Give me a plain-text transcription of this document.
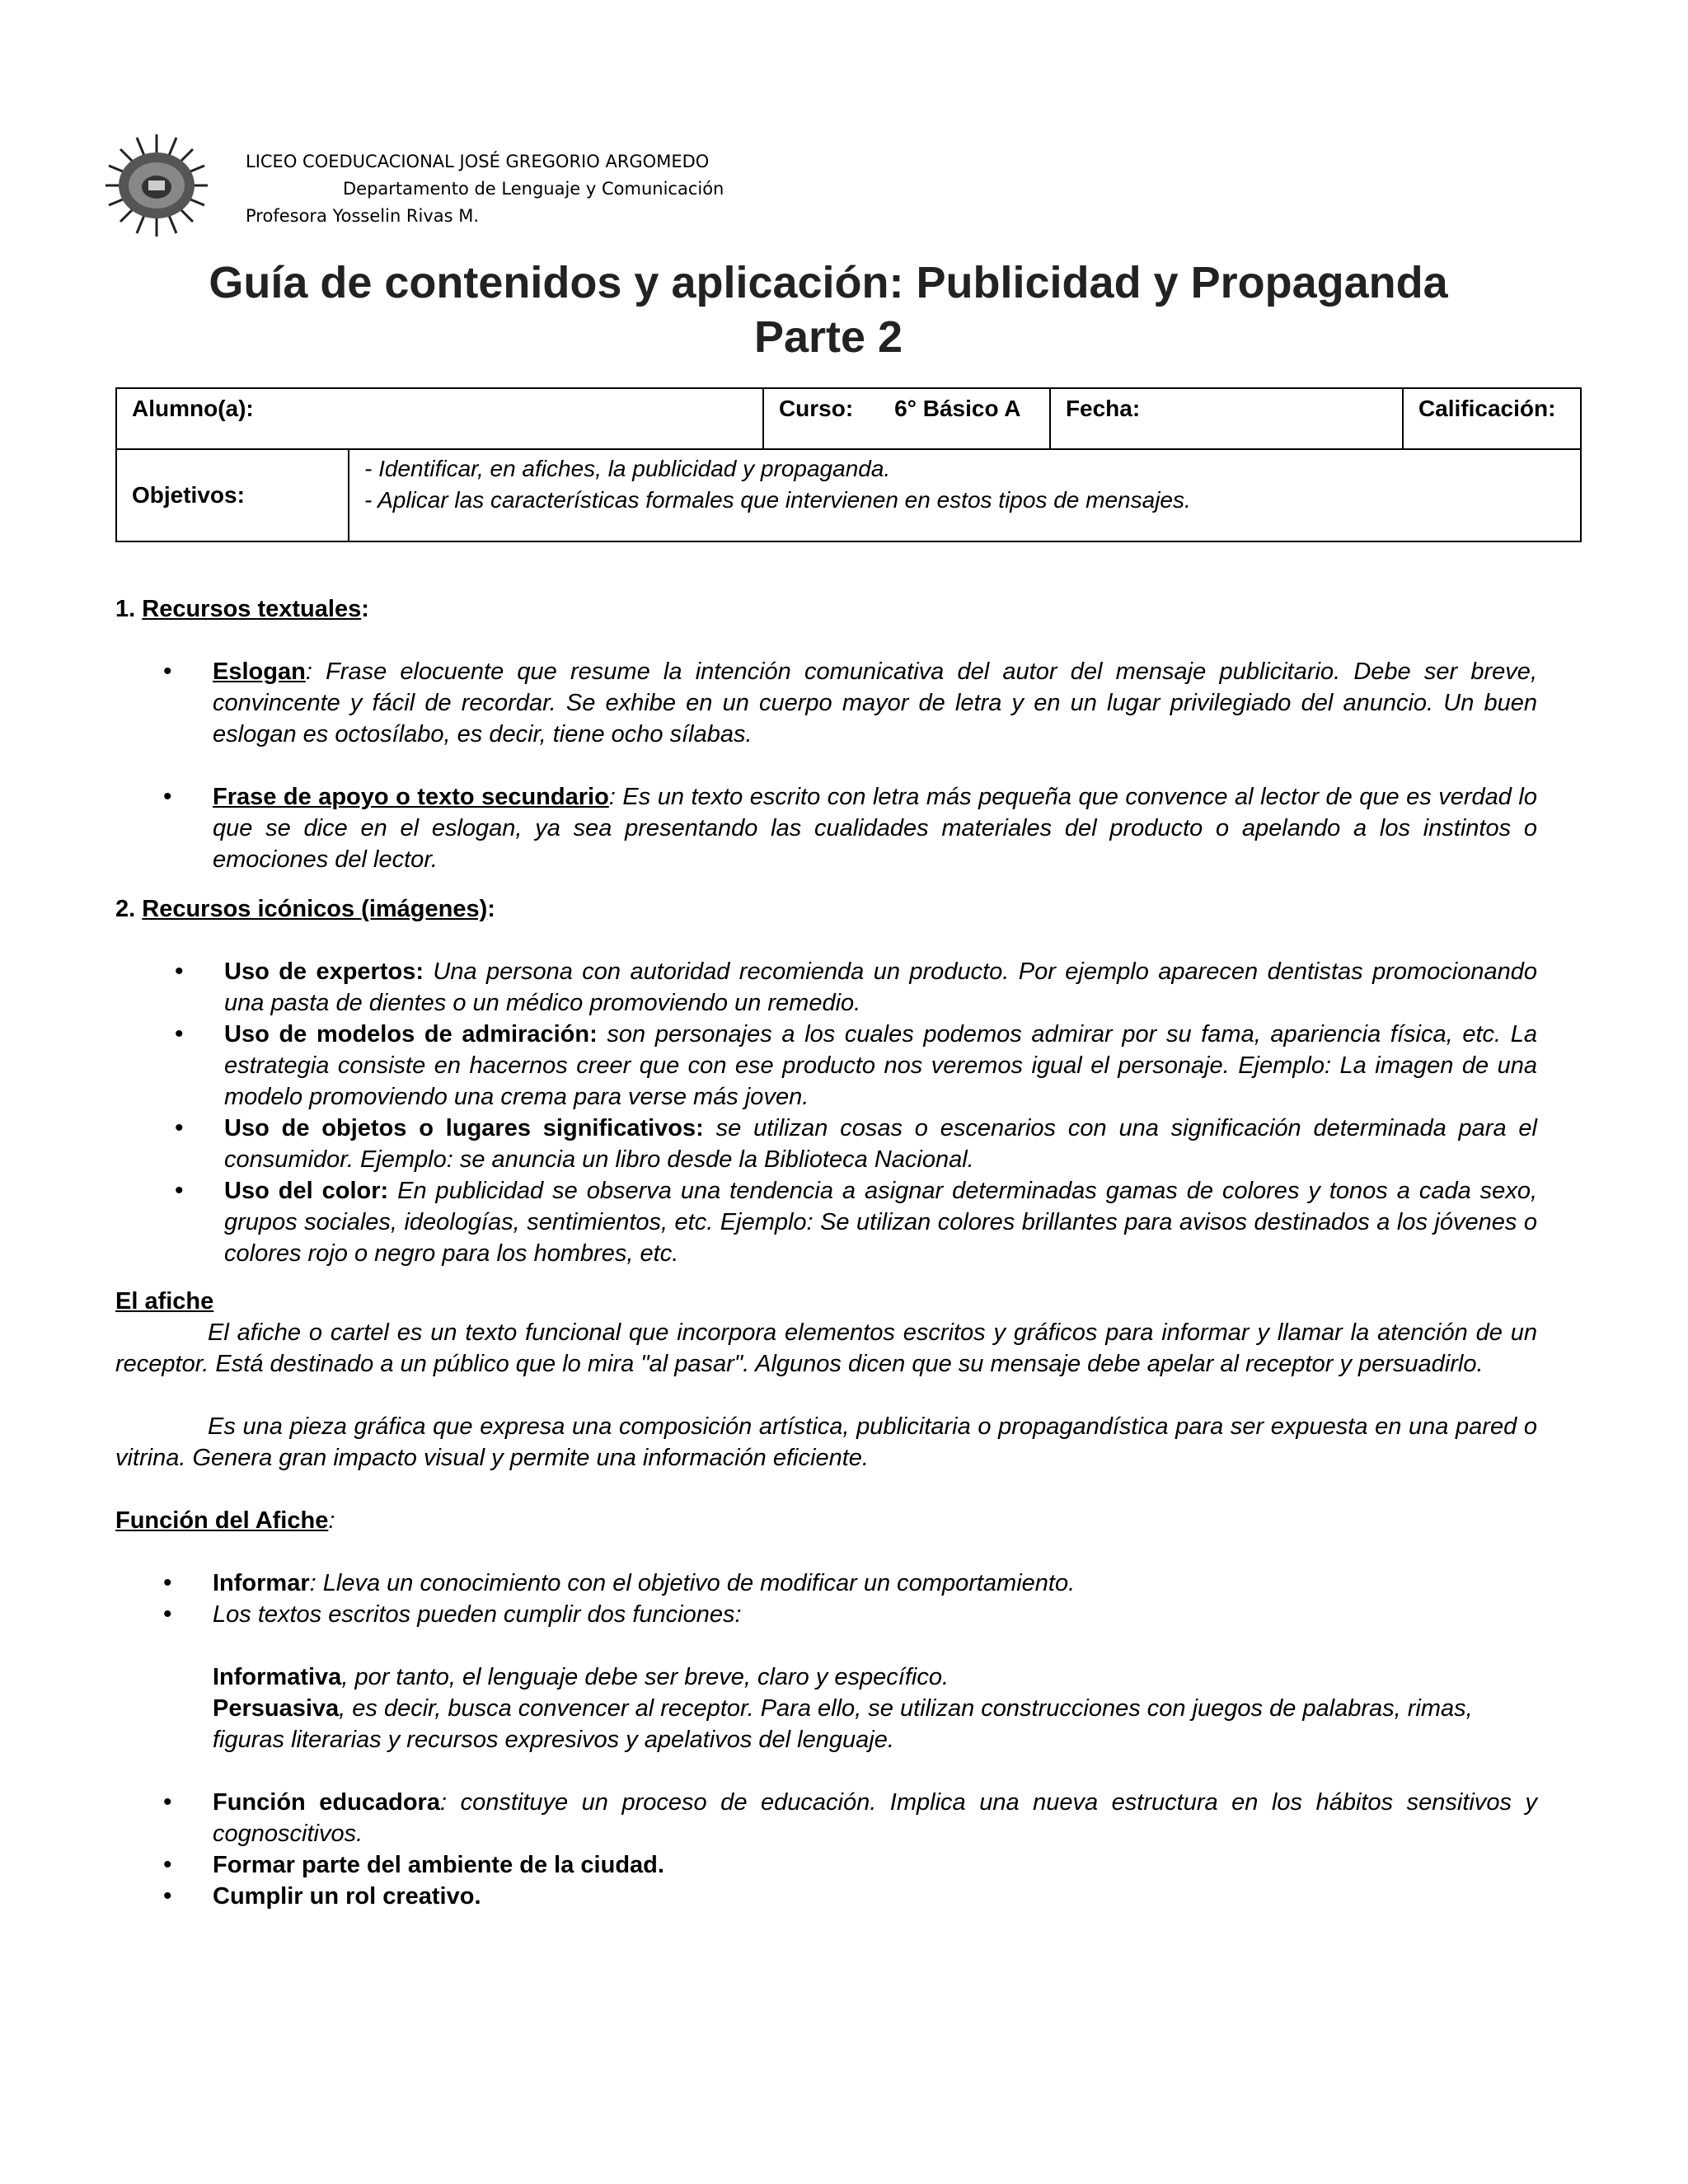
LICEO COEDUCACIONAL JOSÉ GREGORIO ARGOMEDO
Departamento de Lenguaje y Comunicación
Profesora Yosselin Rivas M.
Guía de contenidos y aplicación: Publicidad y Propaganda
Parte 2
Alumno(a):		Curso: 6° Básico A	Fecha:	Calificación:
Objetivos:	- Identificar, en afiches, la publicidad y propaganda.
- Aplicar las características formales que intervienen en estos tipos de mensajes.			

1. Recursos textuales:

• Eslogan: Frase elocuente que resume la intención comunicativa del autor del mensaje publicitario. Debe ser breve, convincente y fácil de recordar. Se exhibe en un cuerpo mayor de letra y en un lugar privilegiado del anuncio. Un buen eslogan es octosílabo, es decir, tiene ocho sílabas.
• Frase de apoyo o texto secundario: Es un texto escrito con letra más pequeña que convence al lector de que es verdad lo que se dice en el eslogan, ya sea presentando las cualidades materiales del producto o apelando a los instintos o emociones del lector.

2. Recursos icónicos (imágenes):

• Uso de expertos: Una persona con autoridad recomienda un producto. Por ejemplo aparecen dentistas promocionando una pasta de dientes o un médico promoviendo un remedio.
• Uso de modelos de admiración: son personajes a los cuales podemos admirar por su fama, apariencia física, etc. La estrategia consiste en hacernos creer que con ese producto nos veremos igual el personaje. Ejemplo: La imagen de una modelo promoviendo una crema para verse más joven.
• Uso de objetos o lugares significativos: se utilizan cosas o escenarios con una significación determinada para el consumidor. Ejemplo: se anuncia un libro desde la Biblioteca Nacional.
• Uso del color: En publicidad se observa una tendencia a asignar determinadas gamas de colores y tonos a cada sexo, grupos sociales, ideologías, sentimientos, etc. Ejemplo: Se utilizan colores brillantes para avisos destinados a los jóvenes o colores rojo o negro para los hombres, etc.

El afiche

El afiche o cartel es un texto funcional que incorpora elementos escritos y gráficos para informar y llamar la atención de un receptor. Está destinado a un público que lo mira "al pasar". Algunos dicen que su mensaje debe apelar al receptor y persuadirlo.

Es una pieza gráfica que expresa una composición artística, publicitaria o propagandística para ser expuesta en una pared o vitrina. Genera gran impacto visual y permite una información eficiente.

Función del Afiche:

• Informar: Lleva un conocimiento con el objetivo de modificar un comportamiento.
• Los textos escritos pueden cumplir dos funciones:

Informativa, por tanto, el lenguaje debe ser breve, claro y específico.

Persuasiva, es decir, busca convencer al receptor. Para ello, se utilizan construcciones con juegos de palabras, rimas, figuras literarias y recursos expresivos y apelativos del lenguaje.

• Función educadora: constituye un proceso de educación. Implica una nueva estructura en los hábitos sensitivos y cognoscitivos.
• Formar parte del ambiente de la ciudad.
• Cumplir un rol creativo.
